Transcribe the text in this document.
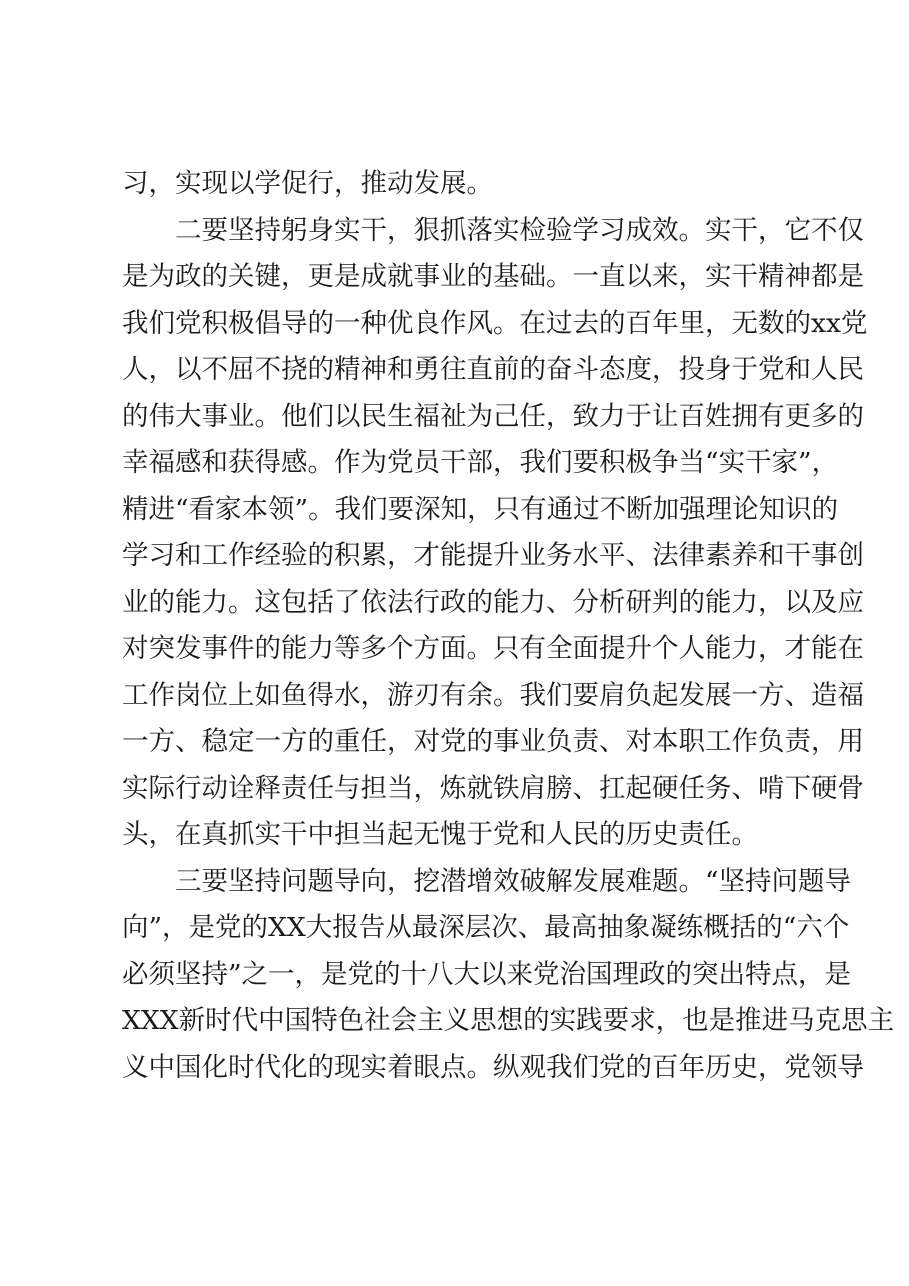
习，实现以学促行，推动发展。
　　二要坚持躬身实干，狠抓落实检验学习成效。实干，它不仅
是为政的关键，更是成就事业的基础。一直以来，实干精神都是
我们党积极倡导的一种优良作风。在过去的百年里，无数的xx党
人，以不屈不挠的精神和勇往直前的奋斗态度，投身于党和人民
的伟大事业。他们以民生福祉为己任，致力于让百姓拥有更多的
幸福感和获得感。作为党员干部，我们要积极争当“实干家”，
精进“看家本领”。我们要深知，只有通过不断加强理论知识的
学习和工作经验的积累，才能提升业务水平、法律素养和干事创
业的能力。这包括了依法行政的能力、分析研判的能力，以及应
对突发事件的能力等多个方面。只有全面提升个人能力，才能在
工作岗位上如鱼得水，游刃有余。我们要肩负起发展一方、造福
一方、稳定一方的重任，对党的事业负责、对本职工作负责，用
实际行动诠释责任与担当，炼就铁肩膀、扛起硬任务、啃下硬骨
头，在真抓实干中担当起无愧于党和人民的历史责任。
　　三要坚持问题导向，挖潜增效破解发展难题。“坚持问题导
向”，是党的XX大报告从最深层次、最高抽象凝练概括的“六个
必须坚持”之一，是党的十八大以来党治国理政的突出特点，是
XXX新时代中国特色社会主义思想的实践要求，也是推进马克思主
义中国化时代化的现实着眼点。纵观我们党的百年历史，党领导
